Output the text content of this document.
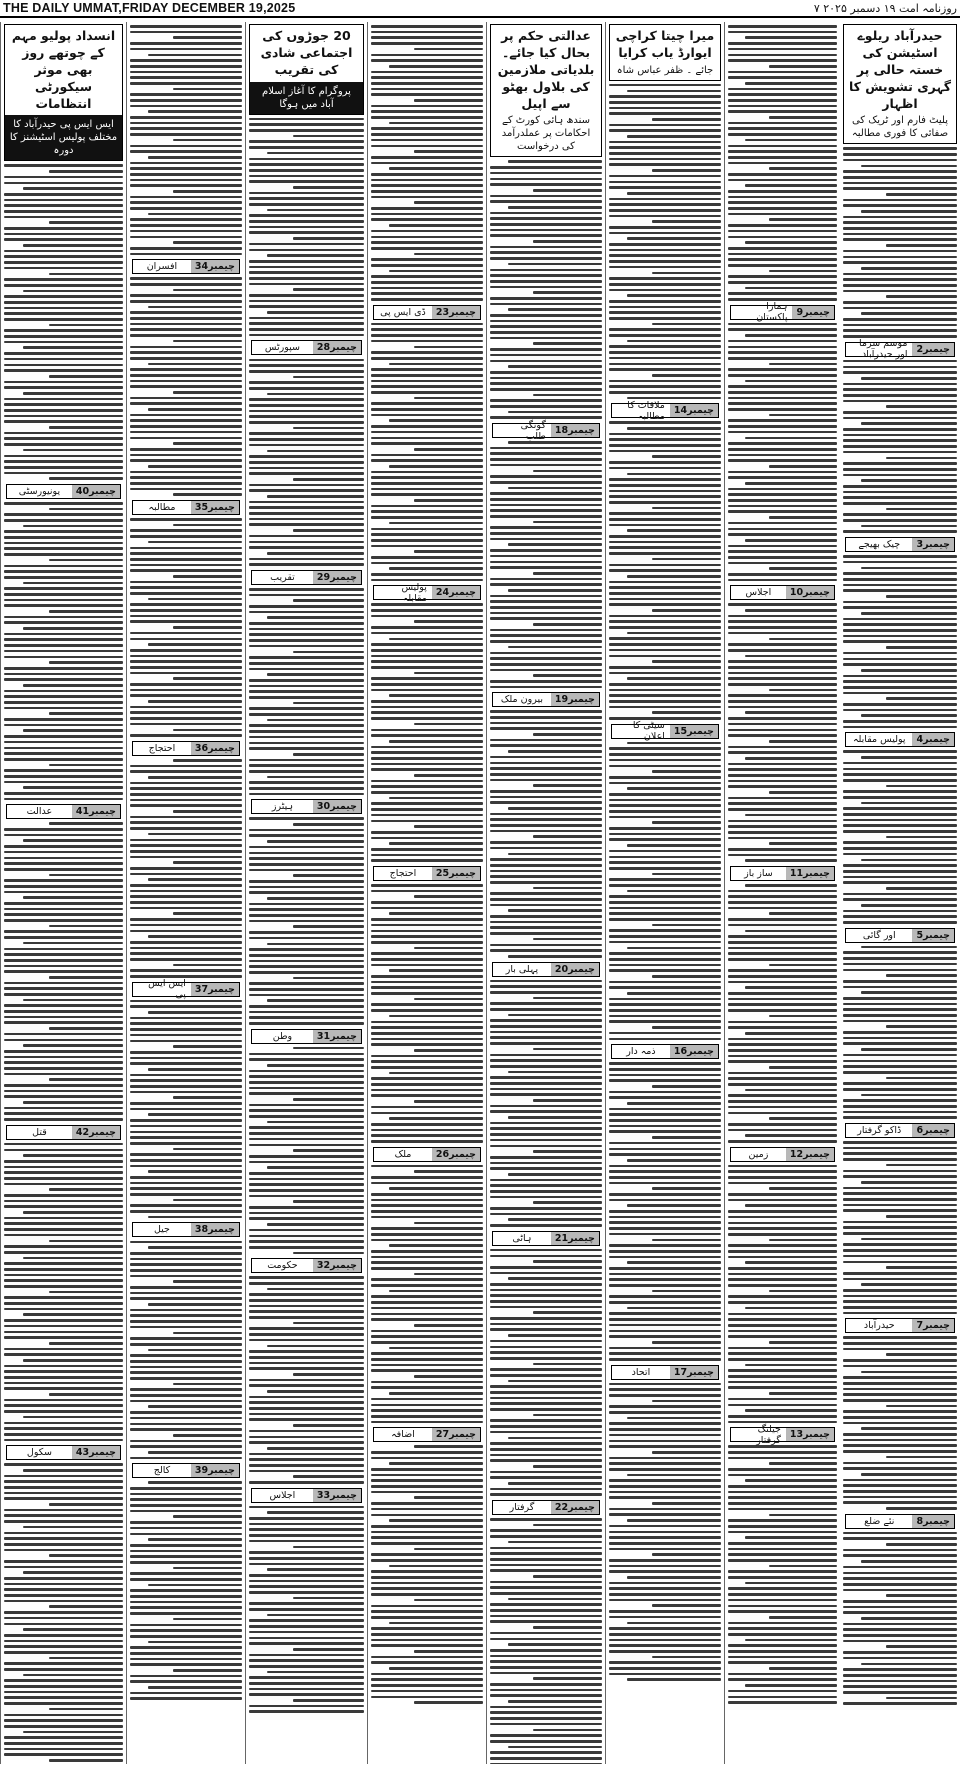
THE DAILY UMMAT,FRIDAY DECEMBER 19,2025	روزنامہ امت ۱۹ دسمبر ۲۰۲۵ ۷
حیدرآباد ریلوے اسٹیشن کی خستہ حالی پر گہری تشویش کا اظہار
پلیٹ فارم اور ٹریک کی صفائی کا فوری مطالبہ
چیمبر
2
موسم سرما اور حیدرآباد
چیمبر
3
چیک بھیجے
چیمبر
4
پولیس مقابلہ
چیمبر
5
اور گائی
چیمبر
6
ڈاکو گرفتار
چیمبر
7
حیدرآباد
چیمبر
8
نئے ضلع
چیمبر
9
ہمارا پاکستان
چیمبر
10
اجلاس
چیمبر
11
ساز باز
چیمبر
12
زمین
چیمبر
13
جیلنگ گرفتار
میرا چیتا کراچی ایوارڈ یاب کرایا
جائے ۔ ظفر عباس شاہ
چیمبر
14
ملاقات کا مطالبہ
چیمبر
15
سیٹی کا اعلان
چیمبر
16
ذمہ دار
چیمبر
17
اتحاد
عدالتی حکم پر بحال کیا جائے۔ بلدیاتی ملازمین کی بلاول بھٹو سے اپیل
سندھ ہائی کورٹ کے احکامات پر عملدرآمد کی درخواست
چیمبر
18
گونگی طلب
چیمبر
19
بیرون ملک
چیمبر
20
پہلی بار
چیمبر
21
ہاٹی
چیمبر
22
گرفتار
چیمبر
23
ڈی ایس پی
چیمبر
24
پولیس مقابلہ
چیمبر
25
احتجاج
چیمبر
26
ملک
چیمبر
27
اضافہ
20 جوڑوں کی اجتماعی شادی کی تقریب
پروگرام کا آغاز اسلام آباد میں ہوگا
چیمبر
28
سپورٹس
چیمبر
29
تقریب
چیمبر
30
ہیٹرز
چیمبر
31
وطن
چیمبر
32
حکومت
چیمبر
33
اجلاس
چیمبر
34
افسران
چیمبر
35
مطالبہ
چیمبر
36
احتجاج
چیمبر
37
ایس ایس پی
چیمبر
38
جیل
چیمبر
39
کالج
انسداد پولیو مہم کے چوتھے روز بھی موثر سیکورٹی انتظامات
ایس ایس پی حیدرآباد کا مختلف پولیس اسٹیشنز کا دورہ
چیمبر
40
یونیورسٹی
چیمبر
41
عدالت
چیمبر
42
قتل
چیمبر
43
سکول
